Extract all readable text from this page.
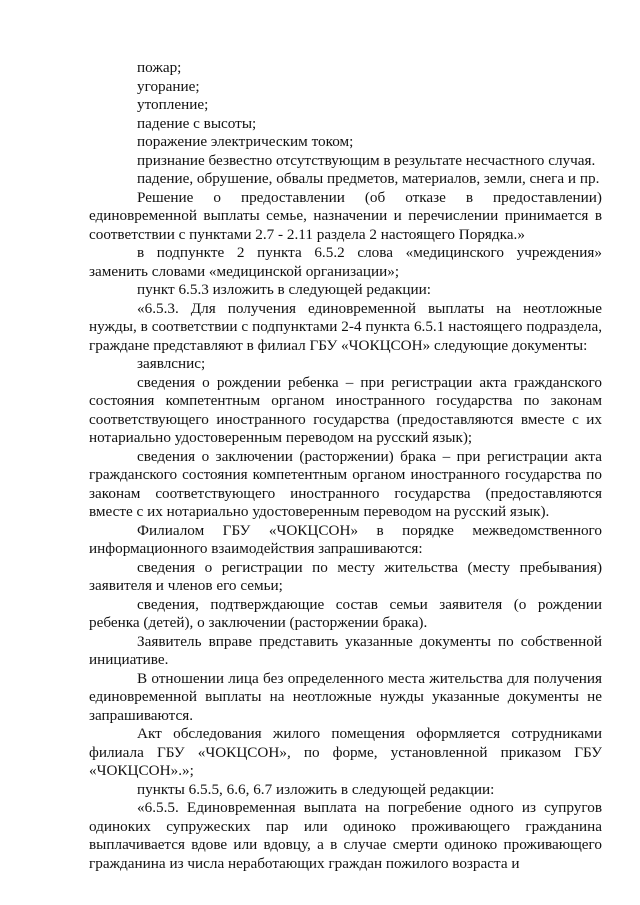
пожар;

угорание;

утопление;

падение с высоты;

поражение электрическим током;

признание безвестно отсутствующим в результате несчастного случая.

падение, обрушение, обвалы предметов, материалов, земли, снега и пр.

Решение о предоставлении (об отказе в предоставлении) единовременной выплаты семье, назначении и перечислении принимается в соответствии с пунктами 2.7 - 2.11 раздела 2 настоящего Порядка.»

в подпункте 2 пункта 6.5.2 слова «медицинского учреждения» заменить словами «медицинской организации»;

пункт 6.5.3 изложить в следующей редакции:

«6.5.3. Для получения единовременной выплаты на неотложные нужды, в соответствии с подпунктами 2-4 пункта 6.5.1 настоящего подраздела, граждане представляют в филиал ГБУ «ЧОКЦСОН» следующие документы:

заявлснис;

сведения о рождении ребенка – при регистрации акта гражданского состояния компетентным органом иностранного государства по законам соответствующего иностранного государства (предоставляются вместе с их нотариально удостоверенным переводом на русский язык);

сведения о заключении (расторжении) брака – при регистрации акта гражданского состояния компетентным органом иностранного государства по законам соответствующего иностранного государства (предоставляются вместе с их нотариально удостоверенным переводом на русский язык).

Филиалом ГБУ «ЧОКЦСОН» в порядке межведомственного информационного взаимодействия запрашиваются:

сведения о регистрации по месту жительства (месту пребывания) заявителя и членов его семьи;

сведения, подтверждающие состав семьи заявителя (о рождении ребенка (детей), о заключении (расторжении брака).

Заявитель вправе представить указанные документы по собственной инициативе.

В отношении лица без определенного места жительства для получения единовременной выплаты на неотложные нужды указанные документы не запрашиваются.

Акт обследования жилого помещения оформляется сотрудниками филиала ГБУ «ЧОКЦСОН», по форме, установленной приказом ГБУ «ЧОКЦСОН».»;

пункты 6.5.5, 6.6, 6.7 изложить в следующей редакции:

«6.5.5. Единовременная выплата на погребение одного из супругов одиноких супружеских пар или одиноко проживающего гражданина выплачивается вдове или вдовцу, а в случае смерти одиноко проживающего гражданина из числа неработающих граждан пожилого возраста и
